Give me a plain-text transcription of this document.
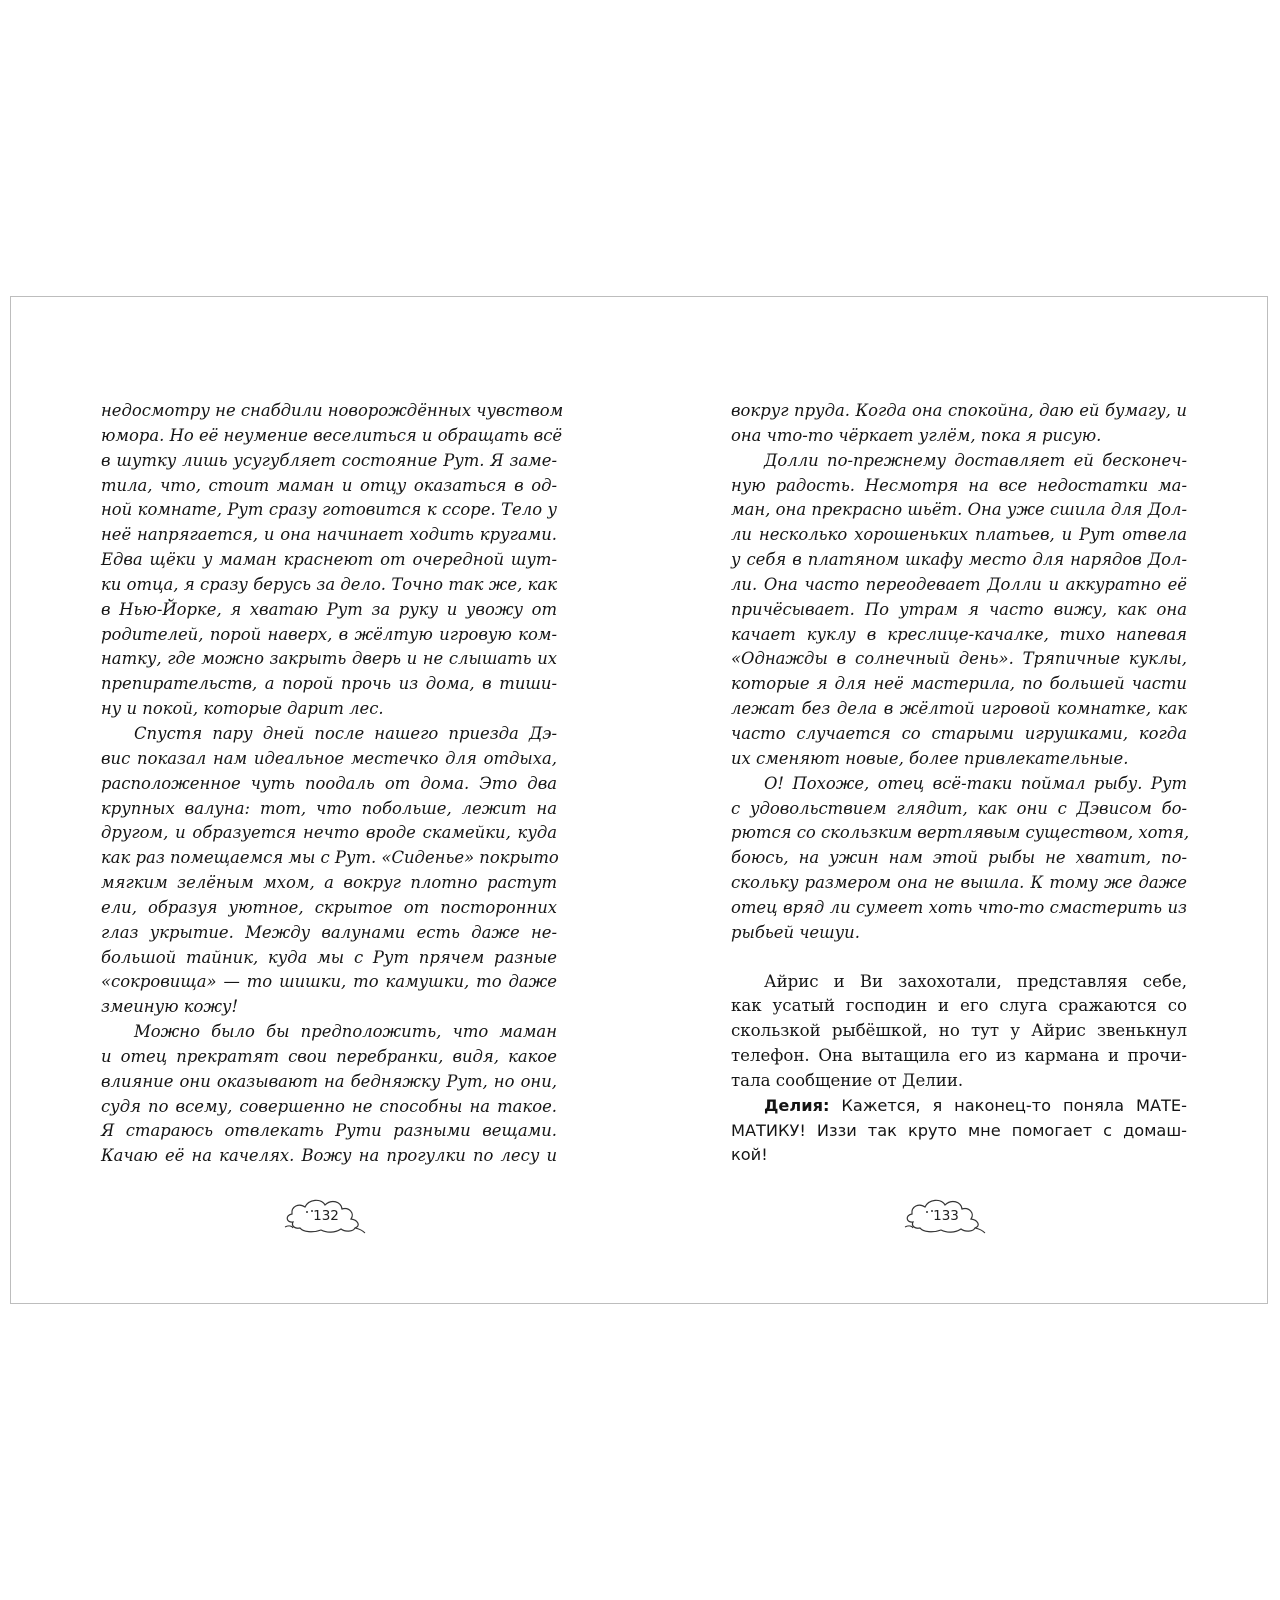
недосмотру не снабдили новорождённых чувством
юмора. Но её неумение веселиться и обращать всё
в шутку лишь усугубляет состояние Рут. Я заме-
тила, что, стоит маман и отцу оказаться в од-
ной комнате, Рут сразу готовится к ссоре. Тело у
неё напрягается, и она начинает ходить кругами.
Едва щёки у маман краснеют от очередной шут-
ки отца, я сразу берусь за дело. Точно так же, как
в Нью-Йорке, я хватаю Рут за руку и увожу от
родителей, порой наверх, в жёлтую игровую ком-
натку, где можно закрыть дверь и не слышать их
препирательств, а порой прочь из дома, в тиши-
ну и покой, которые дарит лес.
Спустя пару дней после нашего приезда Дэ-
вис показал нам идеальное местечко для отдыха,
расположенное чуть поодаль от дома. Это два
крупных валуна: тот, что побольше, лежит на
другом, и образуется нечто вроде скамейки, куда
как раз помещаемся мы с Рут. «Сиденье» покрыто
мягким зелёным мхом, а вокруг плотно растут
ели, образуя уютное, скрытое от посторонних
глаз укрытие. Между валунами есть даже не-
большой тайник, куда мы с Рут прячем разные
«сокровища» — то шишки, то камушки, то даже
змеиную кожу!
Можно было бы предположить, что маман
и отец прекратят свои перебранки, видя, какое
влияние они оказывают на бедняжку Рут, но они,
судя по всему, совершенно не способны на такое.
Я стараюсь отвлекать Рути разными вещами.
Качаю её на качелях. Вожу на прогулки по лесу и
132
вокруг пруда. Когда она спокойна, даю ей бумагу, и
она что-то чёркает углём, пока я рисую.
Долли по-прежнему доставляет ей бесконеч-
ную радость. Несмотря на все недостатки ма-
ман, она прекрасно шьёт. Она уже сшила для Дол-
ли несколько хорошеньких платьев, и Рут отвела
у себя в платяном шкафу место для нарядов Дол-
ли. Она часто переодевает Долли и аккуратно её
причёсывает. По утрам я часто вижу, как она
качает куклу в креслице-качалке, тихо напевая
«Однажды в солнечный день». Тряпичные куклы,
которые я для неё мастерила, по большей части
лежат без дела в жёлтой игровой комнатке, как
часто случается со старыми игрушками, когда
их сменяют новые, более привлекательные.
О! Похоже, отец всё-таки поймал рыбу. Рут
с удовольствием глядит, как они с Дэвисом бо-
рются со скользким вертлявым существом, хотя,
боюсь, на ужин нам этой рыбы не хватит, по-
скольку размером она не вышла. К тому же даже
отец вряд ли сумеет хоть что-то смастерить из
рыбьей чешуи.
Айрис и Ви захохотали, представляя себе,
как усатый господин и его слуга сражаются со
скользкой рыбёшкой, но тут у Айрис звенькнул
телефон. Она вытащила его из кармана и прочи-
тала сообщение от Делии.
Делия: Кажется, я наконец-то поняла МАТЕ-
МАТИКУ! Иззи так круто мне помогает с домаш-
кой!
133
